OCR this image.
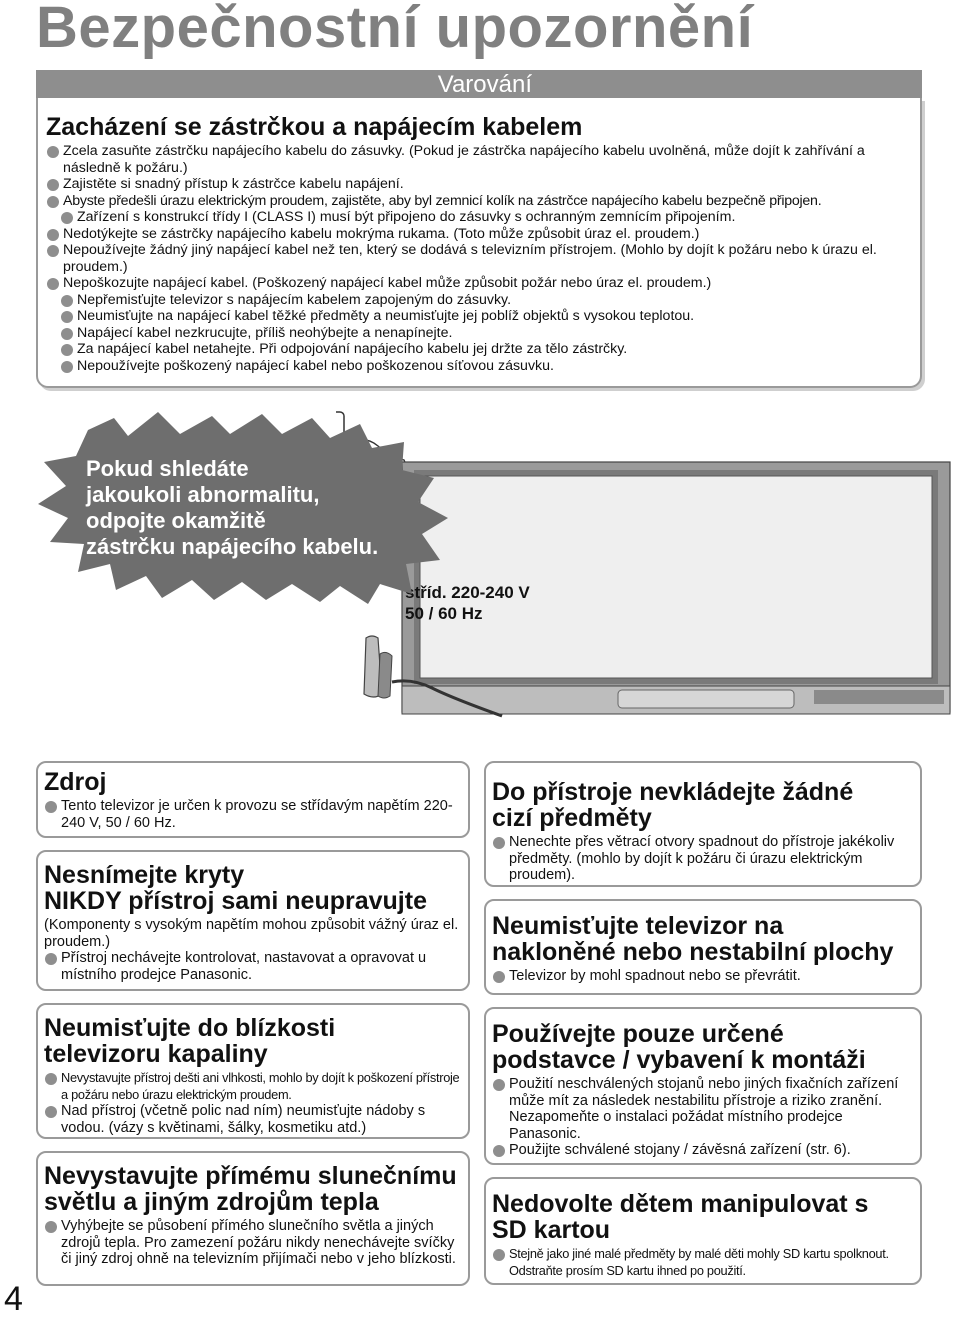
Bezpečnostní upozornění
Varování

Zacházení se zástrčkou a napájecím kabelem

Zcela zasuňte zástrčku napájecího kabelu do zásuvky. (Pokud je zástrčka napájecího kabelu uvolněná, může dojít k zahřívání a následně k požáru.)
Zajistěte si snadný přístup k zástrčce kabelu napájení.
Abyste předešli úrazu elektrickým proudem, zajistěte, aby byl zemnicí kolík na zástrčce napájecího kabelu bezpečně připojen.
Zařízení s konstrukcí třídy I (CLASS I) musí být připojeno do zásuvky s ochranným zemnícím připojením.
Nedotýkejte se zástrčky napájecího kabelu mokrýma rukama. (Toto může způsobit úraz el. proudem.)
Nepoužívejte žádný jiný napájecí kabel než ten, který se dodává s televizním přístrojem. (Mohlo by dojít k požáru nebo k úrazu el. proudem.)
Nepoškozujte napájecí kabel. (Poškozený napájecí kabel může způsobit požár nebo úraz el. proudem.)
Nepřemisťujte televizor s napájecím kabelem zapojeným do zásuvky.
Neumisťujte na napájecí kabel těžké předměty a neumisťujte jej poblíž objektů s vysokou teplotou.
Napájecí kabel nezkrucujte, příliš neohýbejte a nenapínejte.
Za napájecí kabel netahejte. Při odpojování napájecího kabelu jej držte za tělo zástrčky.
Nepoužívejte poškozený napájecí kabel nebo poškozenou síťovou zásuvku.
stříd. 220-240 V
50 / 60 Hz
Pokud shledáte
jakoukoli abnormalitu,
odpojte okamžitě
zástrčku napájecího kabelu.

Zdroj

Tento televizor je určen k provozu se střídavým napětím 220-240 V, 50 / 60 Hz.

Nesnímejte kryty
NIKDY přístroj sami neupravujte

(Komponenty s vysokým napětím mohou způsobit vážný úraz el. proudem.)

Přístroj nechávejte kontrolovat, nastavovat a opravovat u místního prodejce Panasonic.

Neumisťujte do blízkosti
televizoru kapaliny

Nevystavujte přístroj dešti ani vlhkosti, mohlo by dojít k poškození přístroje a požáru nebo úrazu elektrickým proudem.
Nad přístroj (včetně polic nad ním) neumisťujte nádoby s vodou. (vázy s květinami, šálky, kosmetiku atd.)

Nevystavujte přímému slunečnímu
světlu a jiným zdrojům tepla

Vyhýbejte se působení přímého slunečního světla a jiných zdrojů tepla. Pro zamezení požáru nikdy nenechávejte svíčky či jiný zdroj ohně na televizním přijímači nebo v jeho blízkosti.

Do přístroje nevkládejte žádné
cizí předměty

Nenechte přes větrací otvory spadnout do přístroje jakékoliv předměty. (mohlo by dojít k požáru či úrazu elektrickým proudem).

Neumisťujte televizor na
nakloněné nebo nestabilní plochy

Televizor by mohl spadnout nebo se převrátit.

Používejte pouze určené
podstavce / vybavení k montáži

Použití neschválených stojanů nebo jiných fixačních zařízení může mít za následek nestabilitu přístroje a riziko zranění. Nezapomeňte o instalaci požádat místního prodejce Panasonic.
Použijte schválené stojany / závěsná zařízení (str. 6).

Nedovolte dětem manipulovat s
SD kartou

Stejně jako jiné malé předměty by malé děti mohly SD kartu spolknout. Odstraňte prosím SD kartu ihned po použití.
4
